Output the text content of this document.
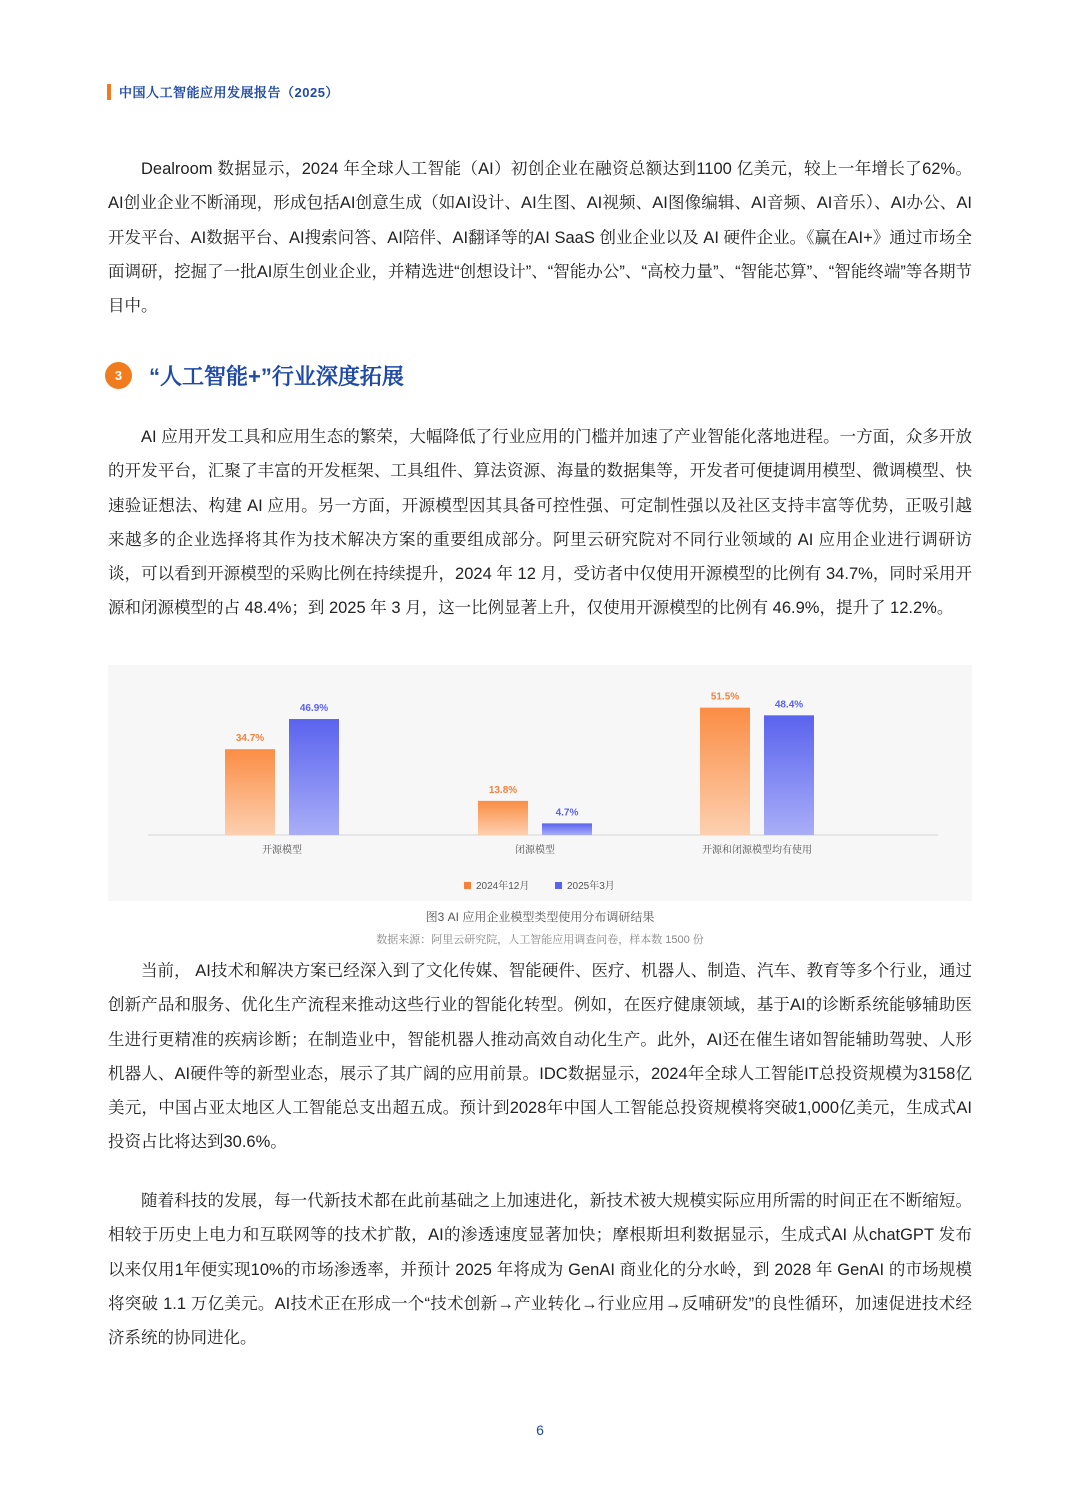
中国人工智能应用发展报告（2025）

Dealroom 数据显示，2024 年全球人工智能（AI）初创企业在融资总额达到1100 亿美元，较上一年增长了62%。AI创业企业不断涌现，形成包括AI创意生成（如AI设计、AI生图、AI视频、AI图像编辑、AI音频、AI音乐）、AI办公、AI开发平台、AI数据平台、AI搜索问答、AI陪伴、AI翻译等的AI SaaS 创业企业以及 AI 硬件企业。《赢在AI+》通过市场全面调研，挖掘了一批AI原生创业企业，并精选进“创想设计”、“智能办公”、“高校力量”、“智能芯算”、“智能终端”等各期节目中。

3	“人工智能+”行业深度拓展

AI 应用开发工具和应用生态的繁荣，大幅降低了行业应用的门槛并加速了产业智能化落地进程。一方面，众多开放的开发平台，汇聚了丰富的开发框架、工具组件、算法资源、海量的数据集等，开发者可便捷调用模型、微调模型、快速验证想法、构建 AI 应用。另一方面，开源模型因其具备可控性强、可定制性强以及社区支持丰富等优势，正吸引越来越多的企业选择将其作为技术解决方案的重要组成部分。阿里云研究院对不同行业领域的 AI 应用企业进行调研访谈，可以看到开源模型的采购比例在持续提升，2024 年 12 月，受访者中仅使用开源模型的比例有 34.7%，同时采用开源和闭源模型的占 48.4%；到 2025 年 3 月，这一比例显著上升，仅使用开源模型的比例有 46.9%，提升了 12.2%。

34.7%
46.9%
开源模型
13.8%
4.7%
闭源模型
51.5%
48.4%
开源和闭源模型均有使用
2024年12月	2025年3月

图3 AI 应用企业模型类型使用分布调研结果

数据来源：阿里云研究院，人工智能应用调查问卷，样本数 1500 份

当前， AI技术和解决方案已经深入到了文化传媒、智能硬件、医疗、机器人、制造、汽车、教育等多个行业，通过创新产品和服务、优化生产流程来推动这些行业的智能化转型。例如，在医疗健康领域，基于AI的诊断系统能够辅助医生进行更精准的疾病诊断；在制造业中，智能机器人推动高效自动化生产。此外，AI还在催生诸如智能辅助驾驶、人形机器人、AI硬件等的新型业态，展示了其广阔的应用前景。IDC数据显示，2024年全球人工智能IT总投资规模为3158亿美元，中国占亚太地区人工智能总支出超五成。预计到2028年中国人工智能总投资规模将突破1,000亿美元，生成式AI投资占比将达到30.6%。

随着科技的发展，每一代新技术都在此前基础之上加速进化，新技术被大规模实际应用所需的时间正在不断缩短。相较于历史上电力和互联网等的技术扩散，AI的渗透速度显著加快；摩根斯坦利数据显示，生成式AI 从chatGPT 发布以来仅用1年便实现10%的市场渗透率，并预计 2025 年将成为 GenAI 商业化的分水岭，到 2028 年 GenAI 的市场规模将突破 1.1 万亿美元。AI技术正在形成一个“技术创新→产业转化→行业应用→反哺研发”的良性循环，加速促进技术经济系统的协同进化。

6
